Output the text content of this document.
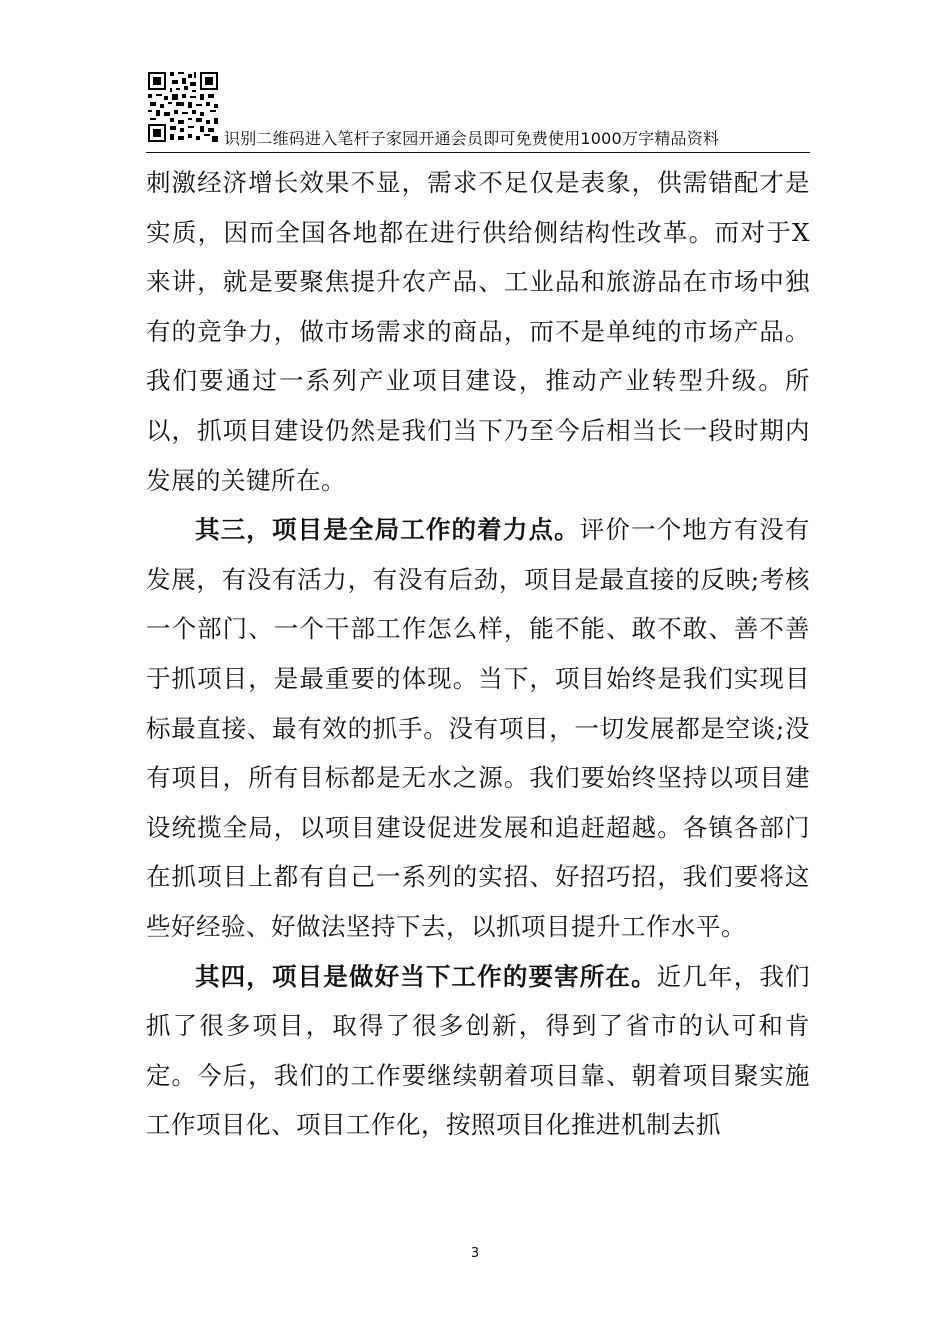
识别二维码进入笔杆子家园开通会员即可免费使用1000万字精品资料

刺激经济增长效果不显，需求不足仅是表象，供需错配才是实质，因而全国各地都在进行供给侧结构性改革。而对于X来讲，就是要聚焦提升农产品、工业品和旅游品在市场中独有的竞争力，做市场需求的商品，而不是单纯的市场产品。我们要通过一系列产业项目建设，推动产业转型升级。所以，抓项目建设仍然是我们当下乃至今后相当长一段时期内发展的关键所在。

其三，项目是全局工作的着力点。评价一个地方有没有发展，有没有活力，有没有后劲，项目是最直接的反映;考核一个部门、一个干部工作怎么样，能不能、敢不敢、善不善于抓项目，是最重要的体现。当下，项目始终是我们实现目标最直接、最有效的抓手。没有项目，一切发展都是空谈;没有项目，所有目标都是无水之源。我们要始终坚持以项目建设统揽全局，以项目建设促进发展和追赶超越。各镇各部门在抓项目上都有自己一系列的实招、好招巧招，我们要将这些好经验、好做法坚持下去，以抓项目提升工作水平。

其四，项目是做好当下工作的要害所在。近几年，我们抓了很多项目，取得了很多创新，得到了省市的认可和肯定。今后，我们的工作要继续朝着项目靠、朝着项目聚实施工作项目化、项目工作化，按照项目化推进机制去抓

3
